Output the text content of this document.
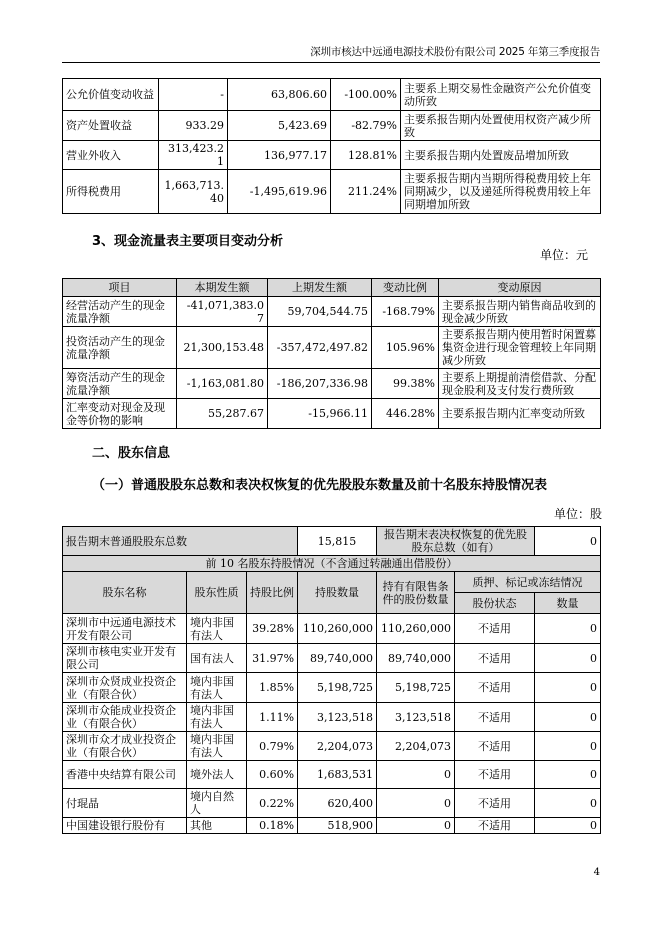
深圳市核达中远通电源技术股份有限公司 2025 年第三季度报告
公允价值变动收益	-	63,806.60	-100.00%	主要系上期交易性金融资产公允价值变动所致
资产处置收益	933.29	5,423.69	-82.79%	主要系报告期内处置使用权资产减少所致
营业外收入	313,423.21	136,977.17	128.81%	主要系报告期内处置废品增加所致
所得税费用	1,663,713.40	-1,495,619.96	211.24%	主要系报告期内当期所得税费用较上年同期减少，以及递延所得税费用较上年同期增加所致
3、现金流量表主要项目变动分析
单位：元
项目	本期发生额	上期发生额	变动比例	变动原因
经营活动产生的现金流量净额	-41,071,383.07	59,704,544.75	-168.79%	主要系报告期内销售商品收到的现金减少所致
投资活动产生的现金流量净额	21,300,153.48	-357,472,497.82	105.96%	主要系报告期内使用暂时闲置募集资金进行现金管理较上年同期减少所致
筹资活动产生的现金流量净额	-1,163,081.80	-186,207,336.98	99.38%	主要系上期提前清偿借款、分配现金股利及支付发行费所致
汇率变动对现金及现金等价物的影响	55,287.67	-15,966.11	446.28%	主要系报告期内汇率变动所致
二、股东信息
（一）普通股股东总数和表决权恢复的优先股股东数量及前十名股东持股情况表
单位：股
报告期末普通股股东总数			15,815	报告期末表决权恢复的优先股股东总数（如有）		0
前 10 名股东持股情况（不含通过转融通出借股份）						
股东名称	股东性质	持股比例	持股数量	持有有限售条件的股份数量	质押、标记或冻结情况	
					股份状态	数量
深圳市中远通电源技术开发有限公司	境内非国有法人	39.28%	110,260,000	110,260,000	不适用	0
深圳市核电实业开发有限公司	国有法人	31.97%	89,740,000	89,740,000	不适用	0
深圳市众贤成业投资企业（有限合伙）	境内非国有法人	1.85%	5,198,725	5,198,725	不适用	0
深圳市众能成业投资企业（有限合伙）	境内非国有法人	1.11%	3,123,518	3,123,518	不适用	0
深圳市众才成业投资企业（有限合伙）	境内非国有法人	0.79%	2,204,073	2,204,073	不适用	0
香港中央结算有限公司	境外法人	0.60%	1,683,531	0	不适用	0
付琨晶	境内自然人	0.22%	620,400	0	不适用	0
中国建设银行股份有	其他	0.18%	518,900	0	不适用	0
4
